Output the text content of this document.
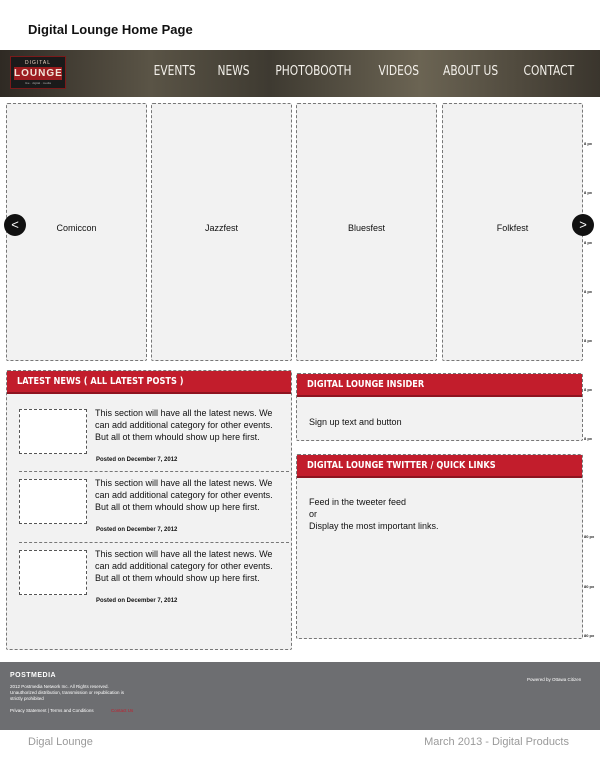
Digital Lounge Home Page
DIGITAL
LOUNGE
live · digital · media
EVENTS NEWS PHOTOBOOTH VIDEOS ABOUT US CONTACT
Comiccon	Jazzfest	Bluesfest	Folkfest
<	>
8 px
8 px
8 px
8 px
8 px
8 px
8 px
80 px
80 px
80 px
LATEST NEWS ( ALL LATEST POSTS )
This section will have all the latest news. We can add additional category for other events. But all ot them whould show up here first.
Posted on December 7, 2012
This section will have all the latest news. We can add additional category for other events. But all ot them whould show up here first.
Posted on December 7, 2012
This section will have all the latest news. We can add additional category for other events. But all ot them whould show up here first.
Posted on December 7, 2012
DIGITAL LOUNGE INSIDER
Sign up text and button
DIGITAL LOUNGE TWITTER / QUICK LINKS
Feed in the tweeter feed
or
Display the most important links.
POSTMEDIA
2012 Postmedia Network Inc. All Rights reserved. Unauthorized distribution, transmission or republication is strictly prohibited
Privacy Statement | Terms and Conditions	Contact Us
Powered by Ottawa Citizen
Digal Lounge	March 2013 - Digital Products
